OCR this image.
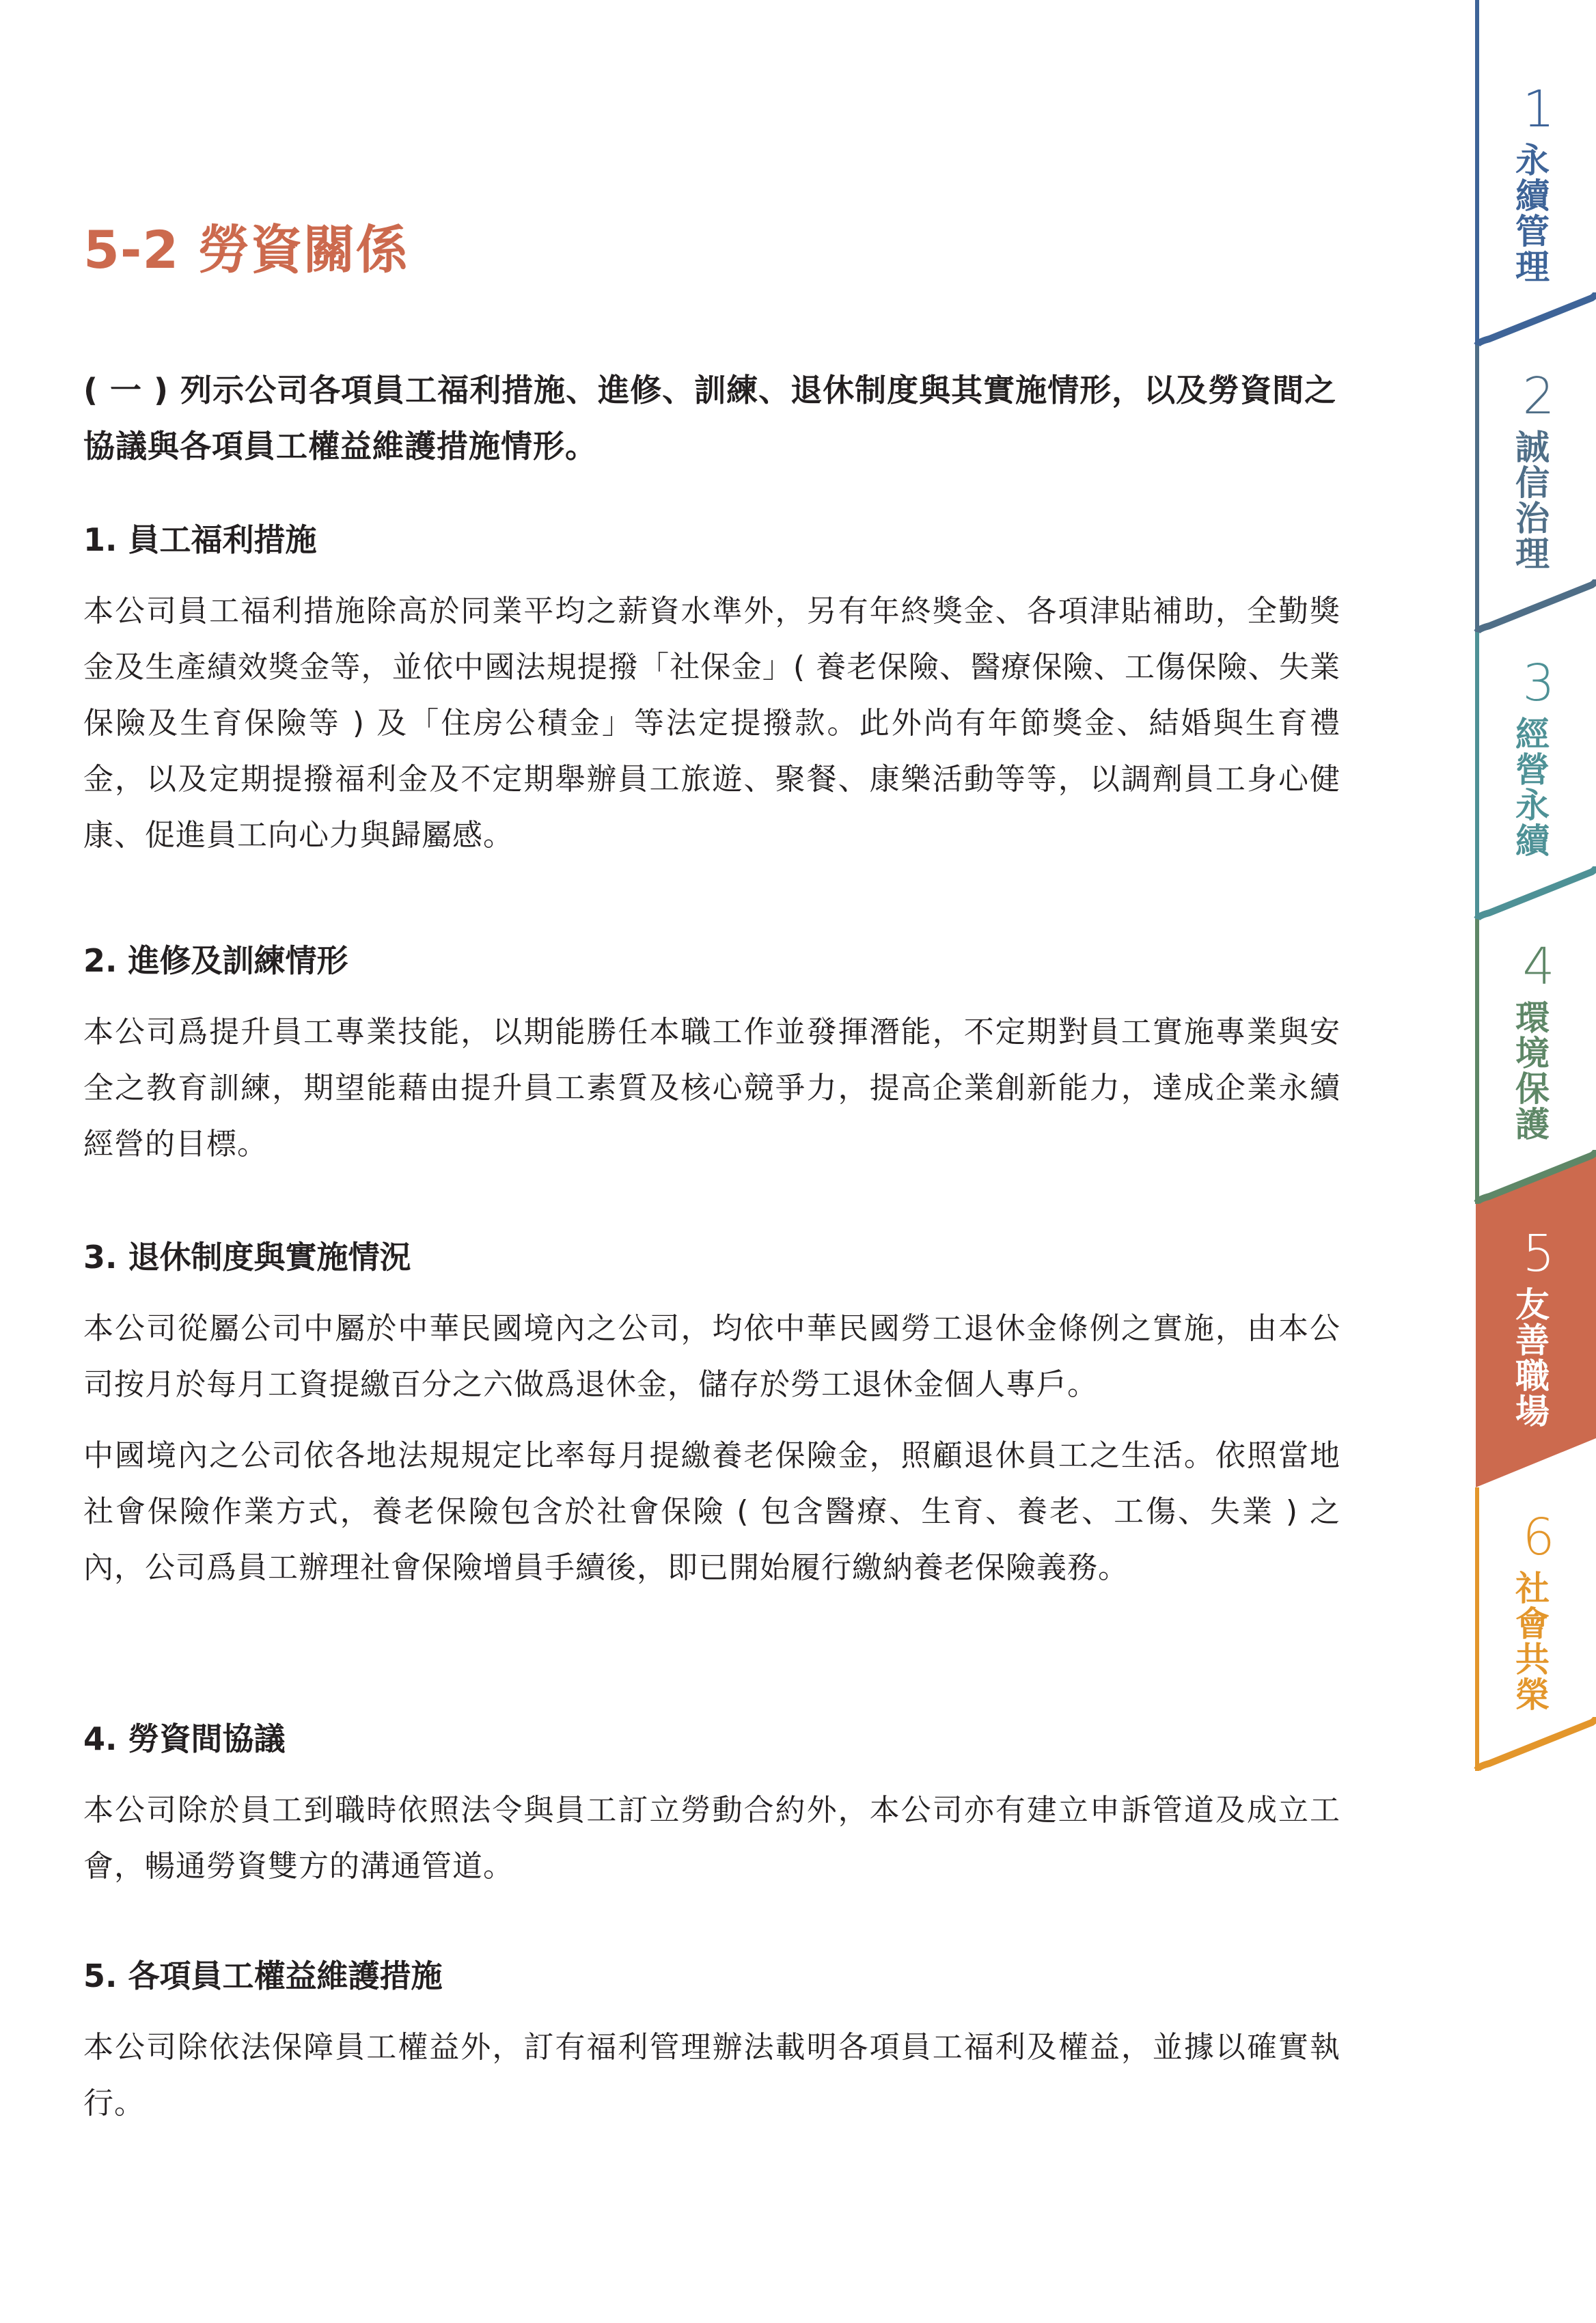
5-2 勞資關係
( 一 ) 列示公司各項員工福利措施、進修、訓練、退休制度與其實施情形，以及勞資間之協議與各項員工權益維護措施情形。
1. 員工福利措施

本公司員工福利措施除高於同業平均之薪資水準外，另有年終獎金、各項津貼補助，全勤獎金及生產績效獎金等，並依中國法規提撥「社保金」( 養老保險、醫療保險、工傷保險、失業保險及生育保險等 ) 及「住房公積金」等法定提撥款。此外尚有年節獎金、結婚與生育禮金，以及定期提撥福利金及不定期舉辦員工旅遊、聚餐、康樂活動等等，以調劑員工身心健康、促進員工向心力與歸屬感。

2. 進修及訓練情形

本公司爲提升員工專業技能，以期能勝任本職工作並發揮潛能，不定期對員工實施專業與安全之教育訓練，期望能藉由提升員工素質及核心競爭力，提高企業創新能力，達成企業永續經營的目標。

3. 退休制度與實施情況

本公司從屬公司中屬於中華民國境內之公司，均依中華民國勞工退休金條例之實施，由本公司按月於每月工資提繳百分之六做爲退休金，儲存於勞工退休金個人專戶。

中國境內之公司依各地法規規定比率每月提繳養老保險金，照顧退休員工之生活。依照當地社會保險作業方式，養老保險包含於社會保險 ( 包含醫療、生育、養老、工傷、失業 ) 之內，公司爲員工辦理社會保險增員手續後，即已開始履行繳納養老保險義務。

4. 勞資間協議

本公司除於員工到職時依照法令與員工訂立勞動合約外，本公司亦有建立申訴管道及成立工會，暢通勞資雙方的溝通管道。

5. 各項員工權益維護措施

本公司除依法保障員工權益外，訂有福利管理辦法載明各項員工福利及權益，並據以確實執行。

1
永續管理
2
誠信治理
3
經營永續
4
環境保護
5
友善職場
6
社會共榮
